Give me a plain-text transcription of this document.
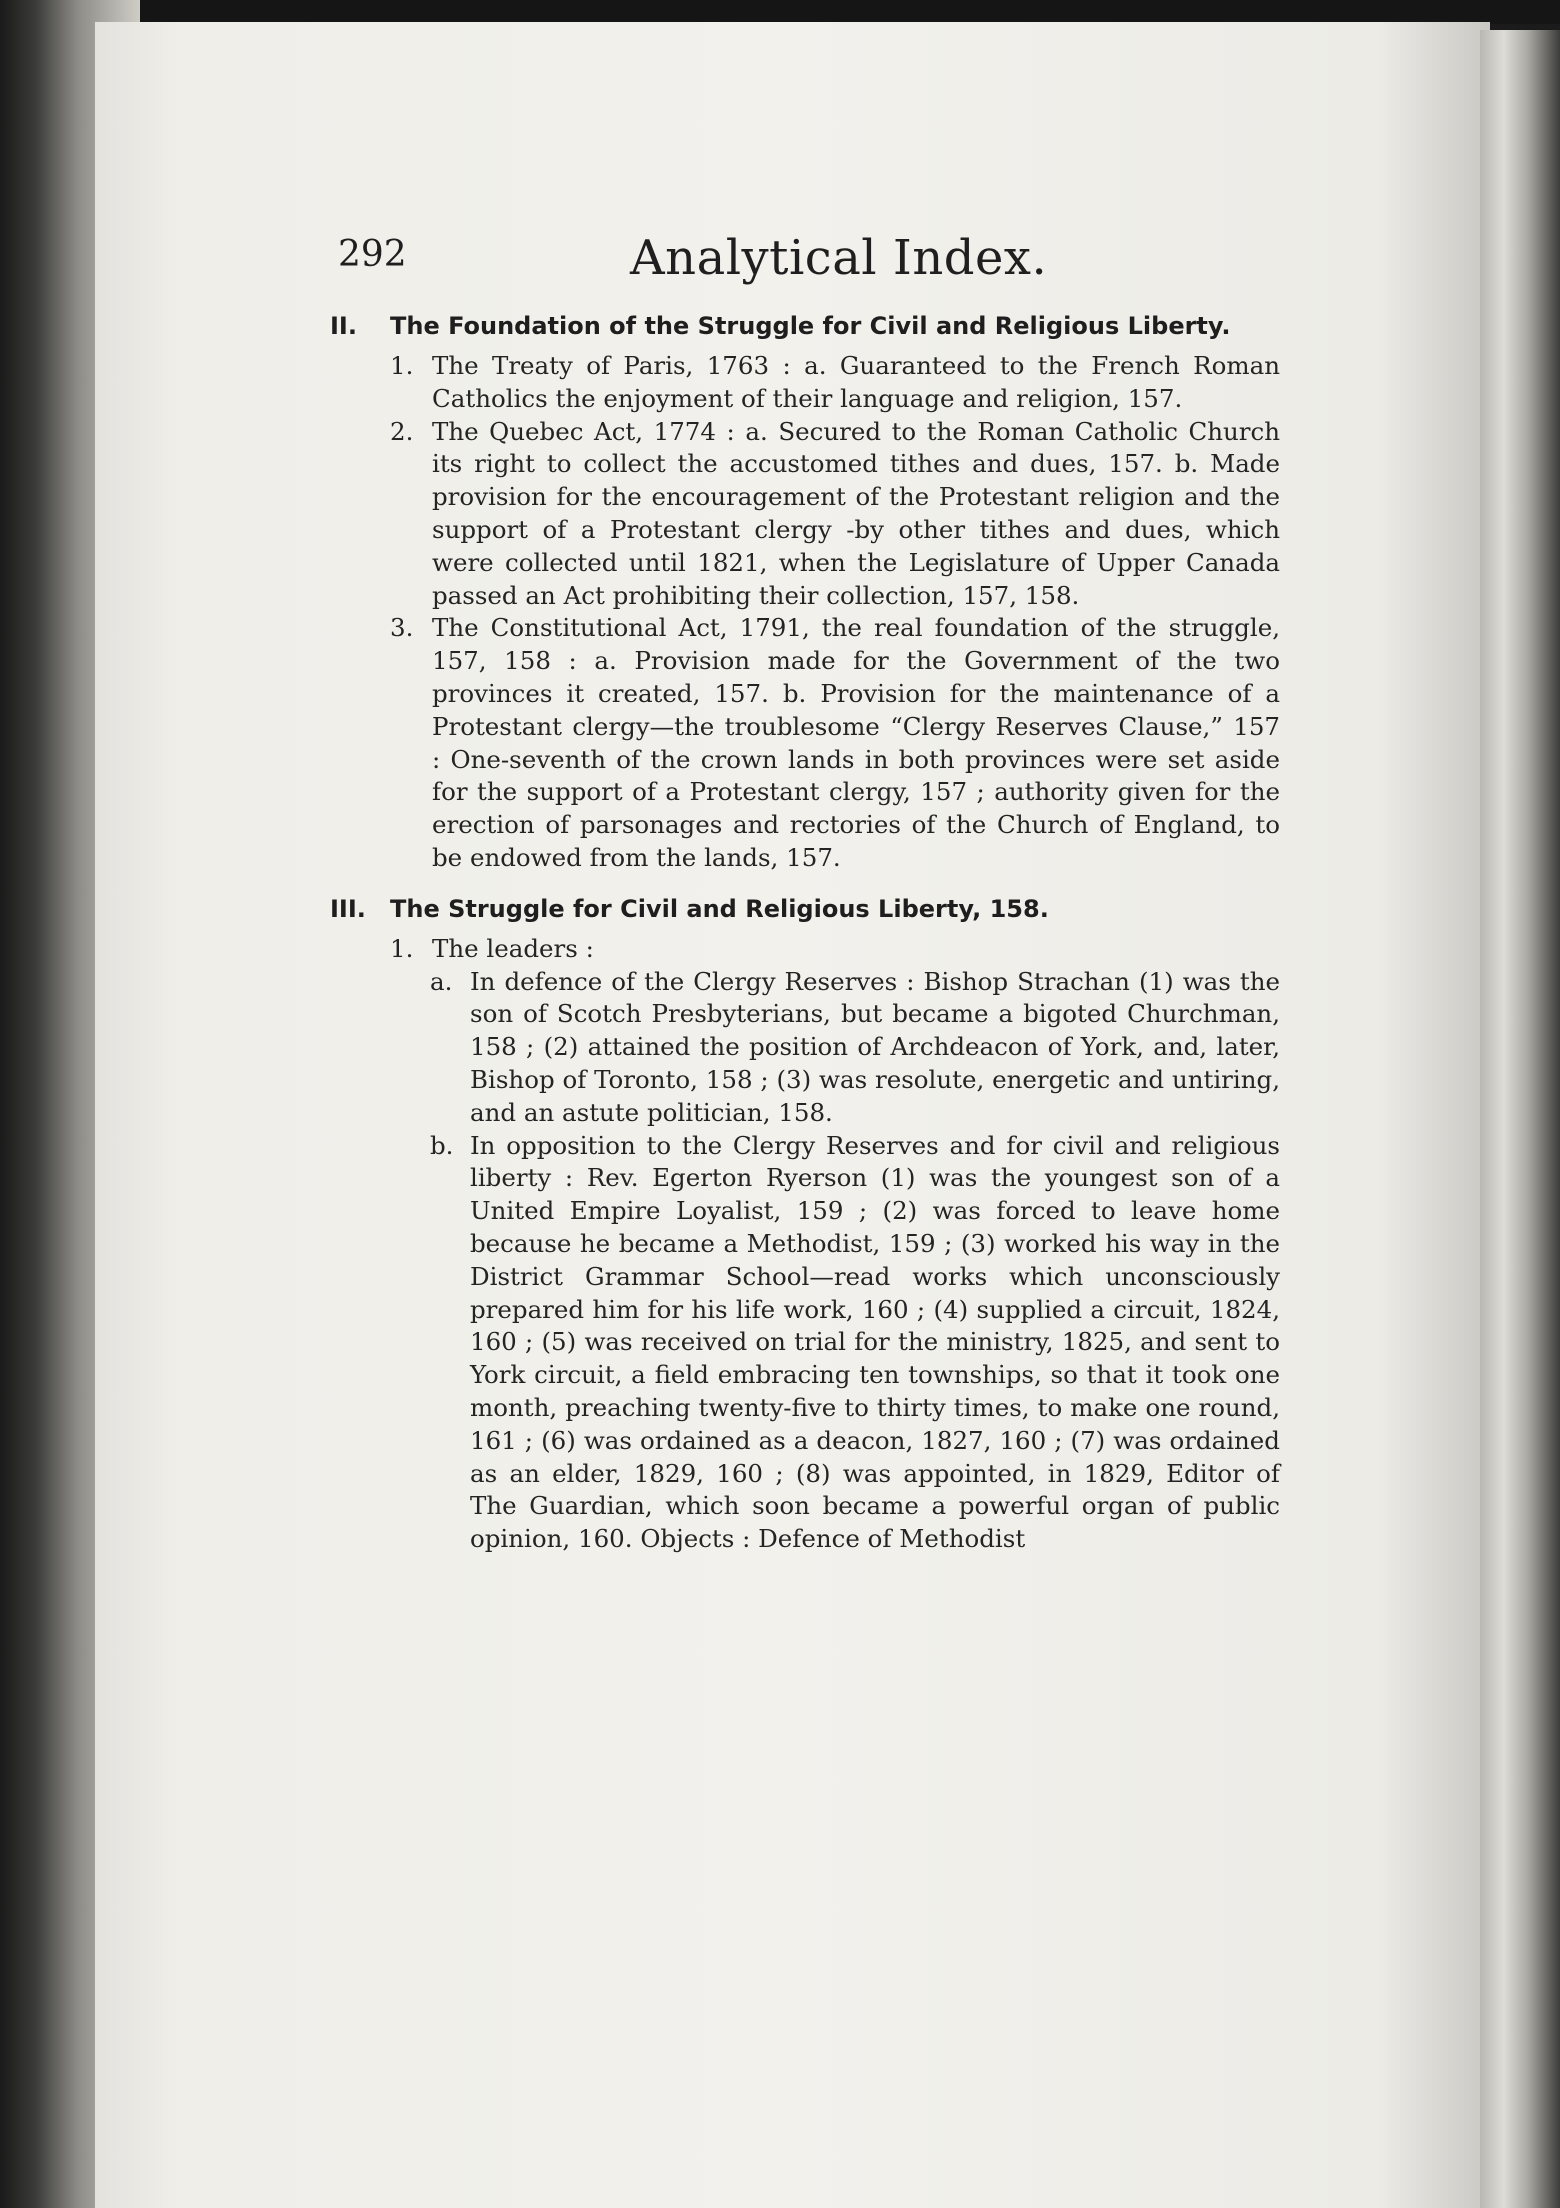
292	Analytical Index.

II. The Foundation of the Struggle for Civil and Religious Liberty.

1. The Treaty of Paris, 1763 : a. Guaranteed to the French Roman Catholics the enjoyment of their language and religion, 157.

2. The Quebec Act, 1774 : a. Secured to the Roman Catholic Church its right to collect the accustomed tithes and dues, 157. b. Made provision for the encouragement of the Protestant religion and the support of a Protestant clergy -by other tithes and dues, which were collected until 1821, when the Legislature of Upper Canada passed an Act prohibiting their collection, 157, 158.

3. The Constitutional Act, 1791, the real foundation of the struggle, 157, 158 : a. Provision made for the Government of the two provinces it created, 157. b. Provision for the maintenance of a Protestant clergy—the troublesome “Clergy Reserves Clause,” 157 : One-seventh of the crown lands in both provinces were set aside for the support of a Protestant clergy, 157 ; authority given for the erection of parsonages and rectories of the Church of England, to be endowed from the lands, 157.

III. The Struggle for Civil and Religious Liberty, 158.

1. The leaders :

a. In defence of the Clergy Reserves : Bishop Strachan (1) was the son of Scotch Presbyterians, but became a bigoted Churchman, 158 ; (2) attained the position of Archdeacon of York, and, later, Bishop of Toronto, 158 ; (3) was resolute, energetic and untiring, and an astute politician, 158.

b. In opposition to the Clergy Reserves and for civil and religious liberty : Rev. Egerton Ryerson (1) was the youngest son of a United Empire Loyalist, 159 ; (2) was forced to leave home because he became a Methodist, 159 ; (3) worked his way in the District Grammar School—read works which unconsciously prepared him for his life work, 160 ; (4) supplied a circuit, 1824, 160 ; (5) was received on trial for the ministry, 1825, and sent to York circuit, a field embracing ten townships, so that it took one month, preaching twenty-five to thirty times, to make one round, 161 ; (6) was ordained as a deacon, 1827, 160 ; (7) was ordained as an elder, 1829, 160 ; (8) was appointed, in 1829, Editor of The Guardian, which soon became a powerful organ of public opinion, 160. Objects : Defence of Methodist
